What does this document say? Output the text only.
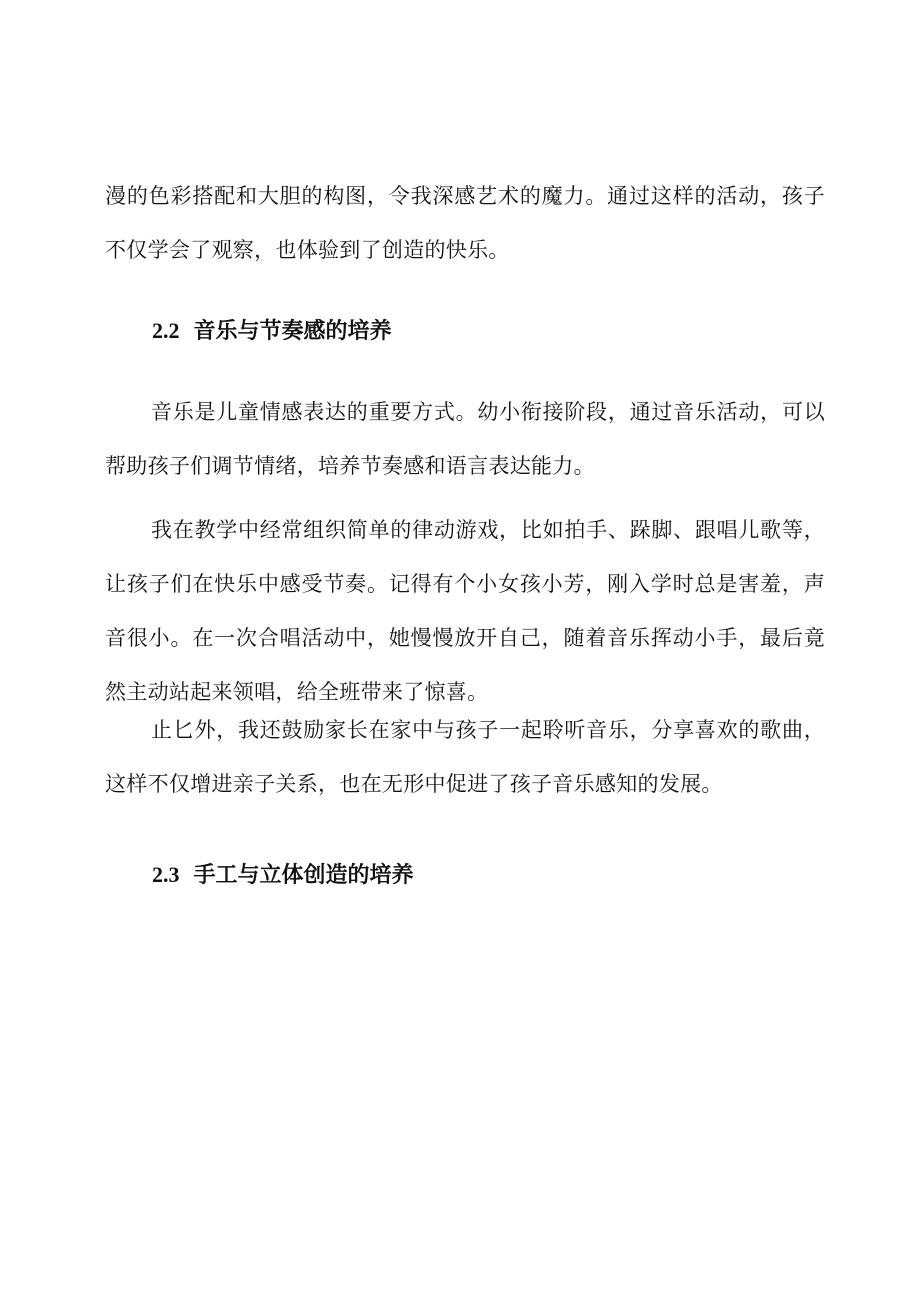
漫的色彩搭配和大胆的构图，令我深感艺术的魔力。通过这样的活动，孩子不仅学会了观察，也体验到了创造的快乐。

2.2 音乐与节奏感的培养

音乐是儿童情感表达的重要方式。幼小衔接阶段，通过音乐活动，可以帮助孩子们调节情绪，培养节奏感和语言表达能力。

我在教学中经常组织简单的律动游戏，比如拍手、跺脚、跟唱儿歌等，让孩子们在快乐中感受节奏。记得有个小女孩小芳，刚入学时总是害羞，声音很小。在一次合唱活动中，她慢慢放开自己，随着音乐挥动小手，最后竟然主动站起来领唱，给全班带来了惊喜。

止匕外，我还鼓励家长在家中与孩子一起聆听音乐，分享喜欢的歌曲，这样不仅增进亲子关系，也在无形中促进了孩子音乐感知的发展。

2.3 手工与立体创造的培养
